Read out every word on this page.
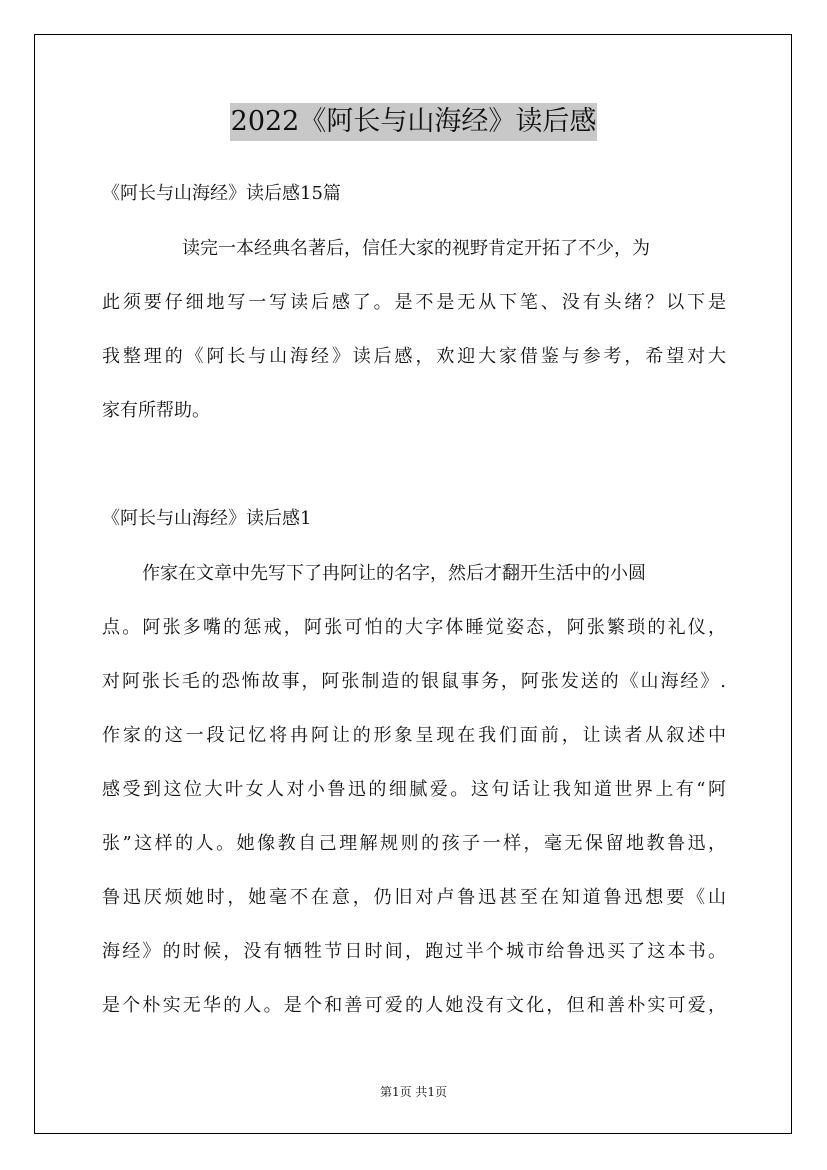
2022《阿长与山海经》读后感
《阿长与山海经》读后感15篇
读完一本经典名著后，信任大家的视野肯定开拓了不少，为
此须要仔细地写一写读后感了。是不是无从下笔、没有头绪？以下是
我整理的《阿长与山海经》读后感，欢迎大家借鉴与参考，希望对大
家有所帮助。
《阿长与山海经》读后感1
作家在文章中先写下了冉阿让的名字，然后才翻开生活中的小圆
点。阿张多嘴的惩戒，阿张可怕的大字体睡觉姿态，阿张繁琐的礼仪，
对阿张长毛的恐怖故事，阿张制造的银鼠事务，阿张发送的《山海经》.
作家的这一段记忆将冉阿让的形象呈现在我们面前，让读者从叙述中
感受到这位大叶女人对小鲁迅的细腻爱。这句话让我知道世界上有“阿
张”这样的人。她像教自己理解规则的孩子一样，毫无保留地教鲁迅，
鲁迅厌烦她时，她毫不在意，仍旧对卢鲁迅甚至在知道鲁迅想要《山
海经》的时候，没有牺牲节日时间，跑过半个城市给鲁迅买了这本书。
是个朴实无华的人。是个和善可爱的人她没有文化，但和善朴实可爱，
第1页 共1页
